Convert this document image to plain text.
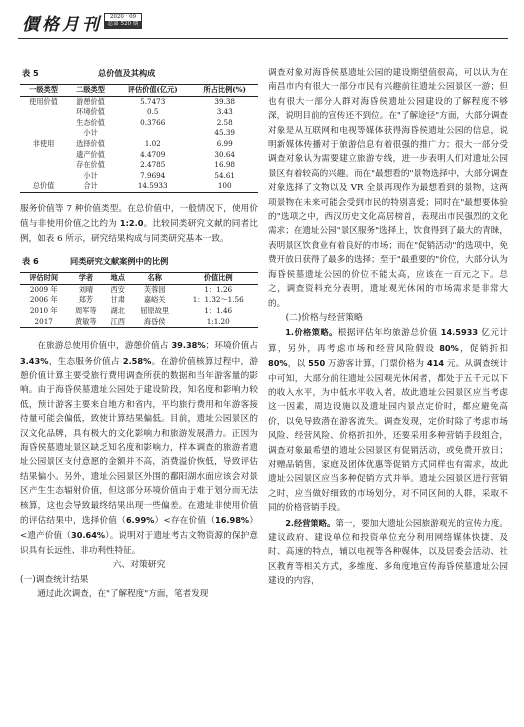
價格月刊	2020 · 09
总第 520 期
表 5	总价值及其构成
一级类型	二级类型	评估价值(亿元)	所占比例(%)
使用价值	游憩价值	5.7473	39.38
	环境价值	0.5	3.43
	生态价值	0.3766	2.58
	小计		45.39
非使用	选择价值	1.02	6.99
	遗产价值	4.4709	30.64
	存在价值	2.4785	16.98
	小计	7.9694	54.61
总价值	合计	14.5933	100

服务价值等 7 种价值类型。在总价值中，一般情况下，使用价值与非使用价值之比约为 1:2.0。比较同类研究文献的同者比例，如表 6 所示，研究结果构成与同类研究基本一致。

表 6	同类研究文献案例中的比例
评估时间	学者	地点	名称	价值比例
2009 年	刘晴	西安	芙蓉园	1：1.26
2006 年	郑芳	甘肃	嘉峪关	1：1.32～1.56
2010 年	周军等	湖北	屈原故里	1：1.46
2017	黄敏等	江西	海昏侯	1:1.20

在旅游总使用价值中，游憩价值占 39.38%；环境价值占 3.43%，生态服务价值占 2.58%。在游价值核算过程中，游憩价值计算主要受旅行费用调查所获的数据和当年游客量的影响。由于海昏侯墓遗址公园处于建设阶段，知名度和影响力较低，预计游客主要来自地方和省内，平均旅行费用和年游客接待量可能会偏低，致使计算结果偏低。目前，遗址公园景区的汉文化品牌，具有极大的文化影响力和旅游发展潜力。正因为海昏侯墓遗址景区缺乏知名度和影响力，样本调查的旅游者遗址公园景区支付意愿的金额并不高，消费溢价恢低，导致评估结果偏小。另外，遗址公园景区外围的鄱阳湖水面应该会对景区产生生态辐射价值，但这部分环境价值由于难于划分而无法核算，这也会导致最终结果出现一些偏差。在遗址非使用价值的评估结果中，选择价值（6.99%）<存在价值（16.98%）<遗产价值（30.64%）。说明对于遗址考古文物资源的保护意识具有长远性、非功利性特征。

六、对策研究
(一)调查统计结果

通过此次调查，在"了解程度"方面，笔者发现

调查对象对海昏侯墓遗址公园的建设期望值很高，可以认为在南昌市内有很大一部分市民有兴趣前往遗址公园景区一游；但也有很大一部分人群对海昏侯遗址公园建设的了解程度不够深，说明目前的宣传还不到位。在"了解途径"方面，大部分调查对象是从互联网和电视等媒体获得海昏侯遗址公园的信息，说明新媒体传播对于旅游信息有着很强的推广力；很大一部分受调查对象认为需要建立旅游专线，进一步表明人们对遗址公园景区有着较高的兴趣。而在"最想看的"景物选择中，大部分调查对象选择了文物以及 VR 全景再现作为最想看到的景物，这两项景物在未来可能会受到市民的特别喜爱；同时在"最想要体验的"选项之中，西汉历史文化高居榜首，表现出市民强烈的文化需求；在遗址公园"景区服务"选择上，饮食得到了最大的青睐，表明景区饮食业有着良好的市场；而在"促销活动"的选项中，免费开放日获得了最多的选择；至于"最重要的"价位，大部分认为海昏侯墓遗址公园的价位不能太高，应该在一百元之下。总之，调查资料充分表明，遗址观光休闲的市场需求是非常大的。

(二)价格与经营策略

1.价格策略。根据评估年均旅游总价值 14.5933 亿元计算，另外，再考虑市场和经营风险假设 80%，促销折扣 80%，以 550 万游客计算，门票价格为 414 元。从调查统计中可知，大部分前往遗址公园观光休闲者，都处于五千元以下的收入水平，为中低水平收入者，故此遗址公园景区应当考虑这一因素，周边设施以及遗址园内景点定价时，都应避免高价，以免导致潜在游客流失。调查发现，定价时除了考虑市场风险、经营风险、价格折扣外，还要采用多种营销手段组合，调查对象最希望的遗址公园景区有促销活动，或免费开放日；对赠品销售，家庭及团体优惠等促销方式同样也有需求，故此遗址公园景区应当多种促销方式并举。遗址公园景区进行营销之时，应当做好细致的市场划分，对不同区间的人群，采取不同的价格营销手段。

2.经营策略。第一，要加大遗址公园旅游观光的宣传力度。建议政府、建设单位和投资单位充分利用网络媒体快捷、及时、高速的特点，辅以电视等各种媒体，以及居委会活动、社区教育等相关方式，多维度、多角度地宣传海昏侯墓遗址公园建设的内容，
